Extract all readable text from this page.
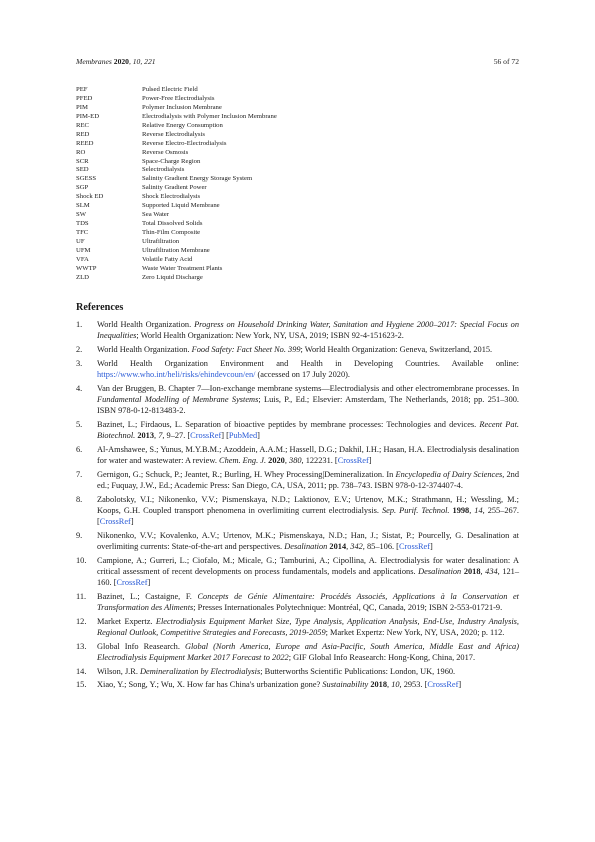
Membranes 2020, 10, 221	56 of 72
PEF	Pulsed Electric Field
PFED	Power-Free Electrodialysis
PIM	Polymer Inclusion Membrane
PIM-ED	Electrodialysis with Polymer Inclusion Membrane
REC	Relative Energy Consumption
RED	Reverse Electrodialysis
REED	Reverse Electro-Electrodialysis
RO	Reverse Osmosis
SCR	Space-Charge Region
SED	Selectrodialysis
SGESS	Salinity Gradient Energy Storage System
SGP	Salinity Gradient Power
Shock ED	Shock Electrodialysis
SLM	Supported Liquid Membrane
SW	Sea Water
TDS	Total Dissolved Solids
TFC	Thin-Film Composite
UF	Ultrafiltration
UFM	Ultrafiltration Membrane
VFA	Volatile Fatty Acid
WWTP	Waste Water Treatment Plants
ZLD	Zero Liquid Discharge
References
1. World Health Organization. Progress on Household Drinking Water, Sanitation and Hygiene 2000–2017: Special Focus on Inequalities; World Health Organization: New York, NY, USA, 2019; ISBN 92-4-151623-2.
2. World Health Organization. Food Safety: Fact Sheet No. 399; World Health Organization: Geneva, Switzerland, 2015.
3. World Health Organization Environment and Health in Developing Countries. Available online: https://www.who.int/heli/risks/ehindevcoun/en/ (accessed on 17 July 2020).
4. Van der Bruggen, B. Chapter 7—Ion-exchange membrane systems—Electrodialysis and other electromembrane processes. In Fundamental Modelling of Membrane Systems; Luis, P., Ed.; Elsevier: Amsterdam, The Netherlands, 2018; pp. 251–300. ISBN 978-0-12-813483-2.
5. Bazinet, L.; Firdaous, L. Separation of bioactive peptides by membrane processes: Technologies and devices. Recent Pat. Biotechnol. 2013, 7, 9–27. [CrossRef] [PubMed]
6. Al-Amshawee, S.; Yunus, M.Y.B.M.; Azoddein, A.A.M.; Hassell, D.G.; Dakhil, I.H.; Hasan, H.A. Electrodialysis desalination for water and wastewater: A review. Chem. Eng. J. 2020, 380, 122231. [CrossRef]
7. Gernigon, G.; Schuck, P.; Jeantet, R.; Burling, H. Whey Processing|Demineralization. In Encyclopedia of Dairy Sciences, 2nd ed.; Fuquay, J.W., Ed.; Academic Press: San Diego, CA, USA, 2011; pp. 738–743. ISBN 978-0-12-374407-4.
8. Zabolotsky, V.I.; Nikonenko, V.V.; Pismenskaya, N.D.; Laktionov, E.V.; Urtenov, M.K.; Strathmann, H.; Wessling, M.; Koops, G.H. Coupled transport phenomena in overlimiting current electrodialysis. Sep. Purif. Technol. 1998, 14, 255–267. [CrossRef]
9. Nikonenko, V.V.; Kovalenko, A.V.; Urtenov, M.K.; Pismenskaya, N.D.; Han, J.; Sistat, P.; Pourcelly, G. Desalination at overlimiting currents: State-of-the-art and perspectives. Desalination 2014, 342, 85–106. [CrossRef]
10. Campione, A.; Gurreri, L.; Ciofalo, M.; Micale, G.; Tamburini, A.; Cipollina, A. Electrodialysis for water desalination: A critical assessment of recent developments on process fundamentals, models and applications. Desalination 2018, 434, 121–160. [CrossRef]
11. Bazinet, L.; Castaigne, F. Concepts de Génie Alimentaire: Procédés Associés, Applications à la Conservation et Transformation des Aliments; Presses Internationales Polytechnique: Montréal, QC, Canada, 2019; ISBN 2-553-01721-9.
12. Market Expertz. Electrodialysis Equipment Market Size, Type Analysis, Application Analysis, End-Use, Industry Analysis, Regional Outlook, Competitive Strategies and Forecasts, 2019-2059; Market Expertz: New York, NY, USA, 2020; p. 112.
13. Global Info Reasearch. Global (North America, Europe and Asia-Pacific, South America, Middle East and Africa) Electrodialysis Equipment Market 2017 Forecast to 2022; GIF Global Info Reasearch: Hong-Kong, China, 2017.
14. Wilson, J.R. Demineralization by Electrodialysis; Butterworths Scientific Publications: London, UK, 1960.
15. Xiao, Y.; Song, Y.; Wu, X. How far has China's urbanization gone? Sustainability 2018, 10, 2953. [CrossRef]
